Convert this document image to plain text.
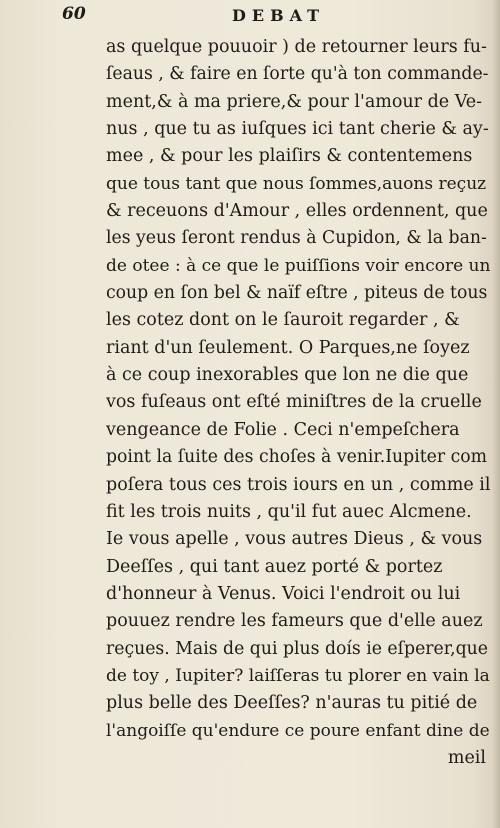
60	DEBAT
as quelque pouuoir ) de retourner leurs fu-
ſeaus , & faire en ſorte qu'à ton commande-
ment,& à ma priere,& pour l'amour de Ve-
nus , que tu as iuſques ici tant cherie & ay-
mee , & pour les plaiſirs & contentemens
que tous tant que nous ſommes,auons reçuz
& receuons d'Amour , elles ordennent, que
les yeus ſeront rendus à Cupidon, & la ban-
de otee : à ce que le puiſſions voir encore un
coup en ſon bel & naïf eſtre , piteus de tous
les cotez dont on le ſauroit regarder , &
riant d'un ſeulement. O Parques,ne ſoyez
à ce coup inexorables que lon ne die que
vos fuſeaus ont eſté miniſtres de la cruelle
vengeance de Folie . Ceci n'empeſchera
point la ſuite des choſes à venir.Iupiter com
poſera tous ces trois iours en un , comme il
fit les trois nuits , qu'il fut auec Alcmene.
Ie vous apelle , vous autres Dieus , & vous
Deeſſes , qui tant auez porté & portez
d'honneur à Venus. Voici l'endroit ou lui
pouuez rendre les fameurs que d'elle auez
reçues. Mais de qui plus doís ie eſperer,que
de toy , Iupiter? laiſſeras tu plorer en vain la
plus belle des Deeſſes? n'auras tu pitié de
l'angoiſſe qu'endure ce poure enfant dine de
meil
